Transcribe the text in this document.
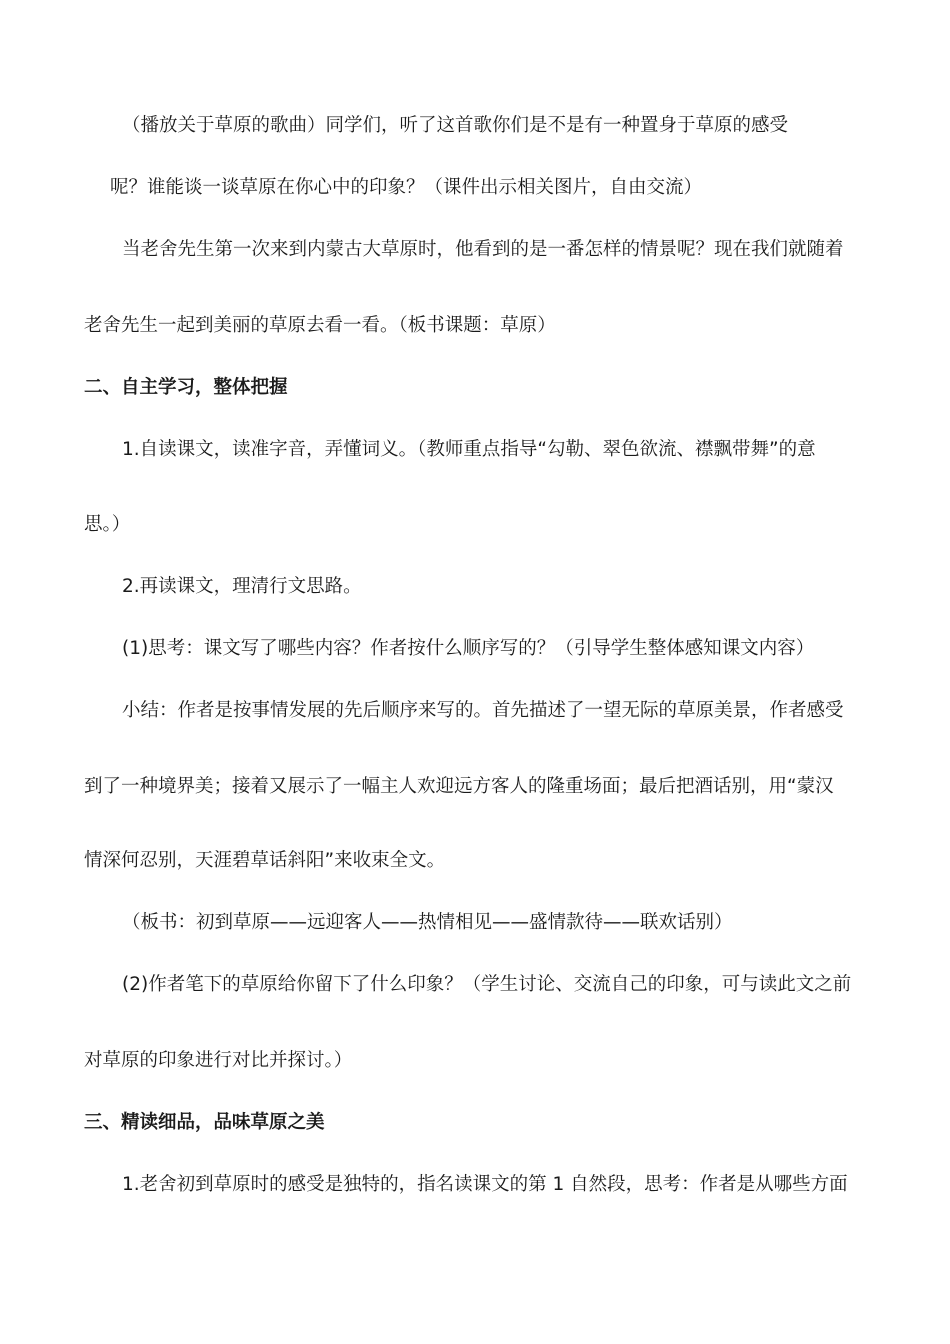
（播放关于草原的歌曲）同学们，听了这首歌你们是不是有一种置身于草原的感受
呢？谁能谈一谈草原在你心中的印象？（课件出示相关图片，自由交流）
当老舍先生第一次来到内蒙古大草原时，他看到的是一番怎样的情景呢？现在我们就随着
老舍先生一起到美丽的草原去看一看。（板书课题：草原）
二、自主学习，整体把握
1.自读课文，读准字音，弄懂词义。（教师重点指导“勾勒、翠色欲流、襟飘带舞”的意
思。）
2.再读课文，理清行文思路。
(1)思考：课文写了哪些内容？作者按什么顺序写的？（引导学生整体感知课文内容）
小结：作者是按事情发展的先后顺序来写的。首先描述了一望无际的草原美景，作者感受
到了一种境界美；接着又展示了一幅主人欢迎远方客人的隆重场面；最后把酒话别，用“蒙汉
情深何忍别，天涯碧草话斜阳”来收束全文。
（板书：初到草原——远迎客人——热情相见——盛情款待——联欢话别）
(2)作者笔下的草原给你留下了什么印象？（学生讨论、交流自己的印象，可与读此文之前
对草原的印象进行对比并探讨。）
三、精读细品，品味草原之美
1.老舍初到草原时的感受是独特的，指名读课文的第 1 自然段，思考：作者是从哪些方面
